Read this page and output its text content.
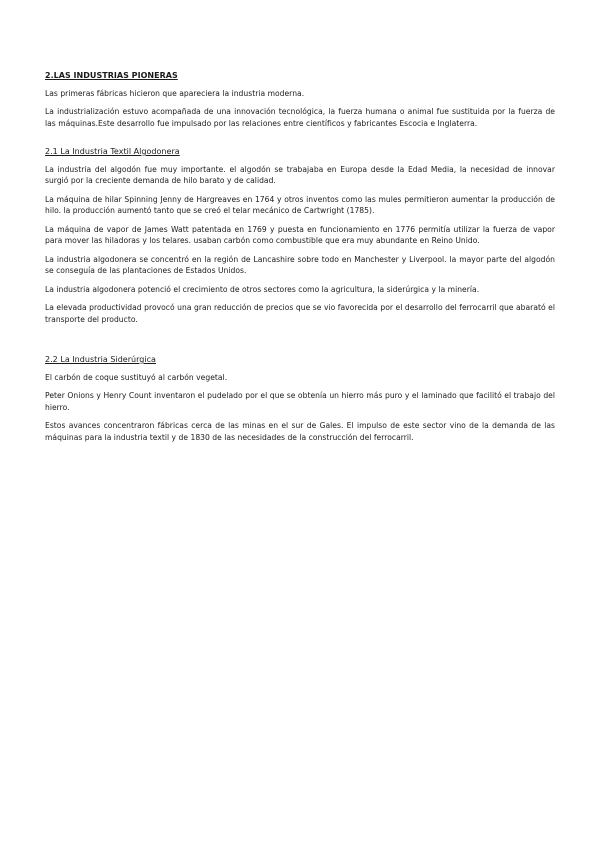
2.LAS INDUSTRIAS PIONERAS

Las primeras fábricas hicieron que apareciera la industria moderna.

La industrialización estuvo acompañada de una innovación tecnológica, la fuerza humana o animal fue sustituida por la fuerza de las máquinas.Este desarrollo fue impulsado por las relaciones entre científicos y fabricantes Escocia e Inglaterra.

2.1 La Industria Textil Algodonera

La industria del algodón fue muy importante. el algodón se trabajaba en Europa desde la Edad Media, la necesidad de innovar surgió por la creciente demanda de hilo barato y de calidad.

La máquina de hilar Spinning Jenny de Hargreaves en 1764 y otros inventos como las mules permitieron aumentar la producción de hilo. la producción aumentó tanto que se creó el telar mecánico de Cartwright (1785).

La máquina de vapor de James Watt patentada en 1769 y puesta en funcionamiento en 1776 permitía utilizar la fuerza de vapor para mover las hiladoras y los telares. usaban carbón como combustible que era muy abundante en Reino Unido.

La industria algodonera se concentró en la región de Lancashire sobre todo en Manchester y Liverpool. la mayor parte del algodón se conseguía de las plantaciones de Estados Unidos.

La industria algodonera potenció el crecimiento de otros sectores como la agricultura, la siderúrgica y la minería.

La elevada productividad provocó una gran reducción de precios que se vio favorecida por el desarrollo del ferrocarril que abarató el transporte del producto.

2.2 La Industria Siderúrgica

El carbón de coque sustituyó al carbón vegetal.

Peter Onions y Henry Count inventaron el pudelado por el que se obtenía un hierro más puro y el laminado que facilitó el trabajo del hierro.

Estos avances concentraron fábricas cerca de las minas en el sur de Gales. El impulso de este sector vino de la demanda de las máquinas para la industria textil y de 1830 de las necesidades de la construcción del ferrocarril.
